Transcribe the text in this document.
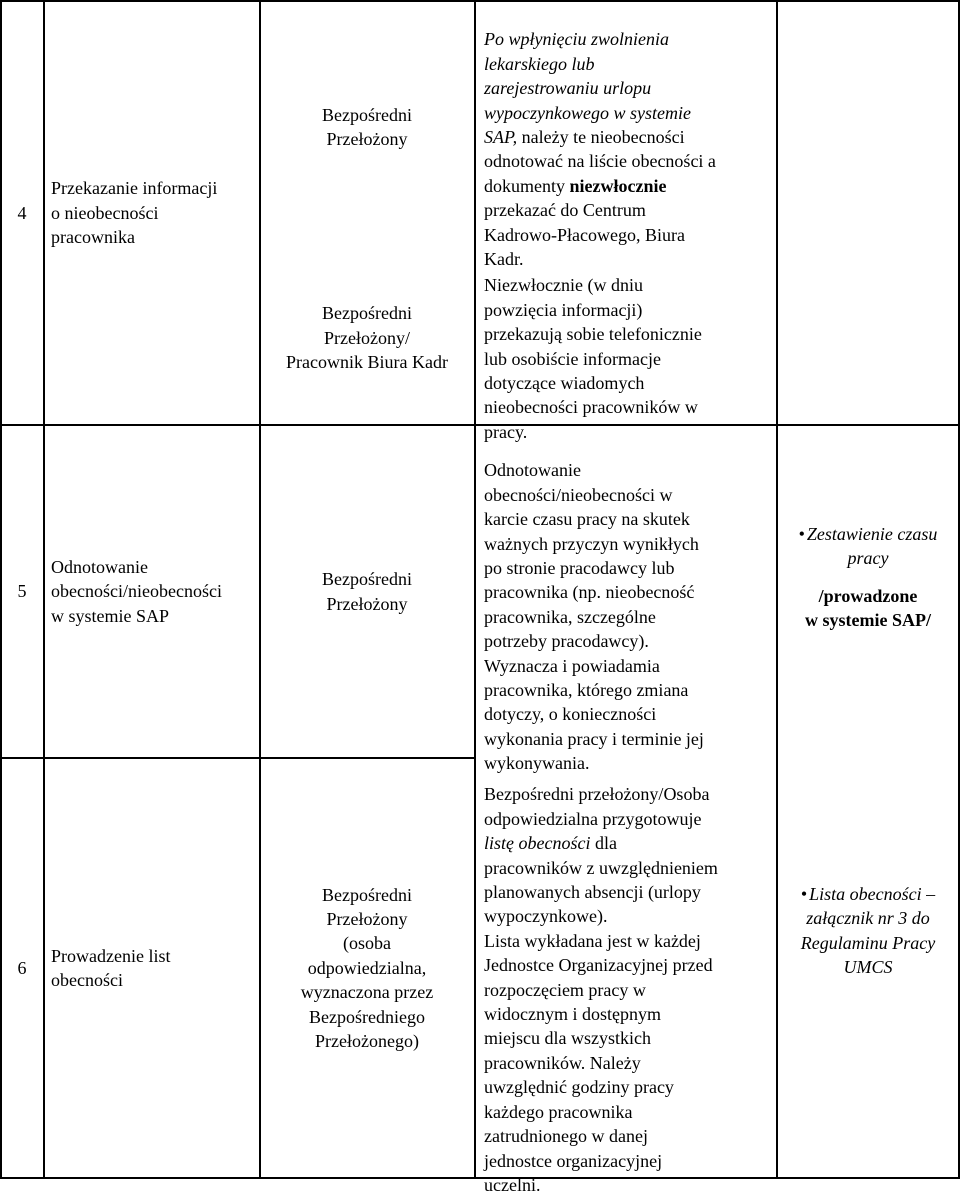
4
Przekazanie informacji
o nieobecności
pracownika
Bezpośredni
Przełożony
Bezpośredni
Przełożony/
Pracownik Biura Kadr

Po wpłynięciu zwolnienia
lekarskiego lub
zarejestrowaniu urlopu
wypoczynkowego w systemie
SAP, należy te nieobecności
odnotować na liście obecności a
dokumenty niezwłocznie
przekazać do Centrum
Kadrowo-Płacowego, Biura
Kadr.

Niezwłocznie (w dniu
powzięcia informacji)
przekazują sobie telefonicznie
lub osobiście informacje
dotyczące wiadomych
nieobecności pracowników w
pracy.

5
Odnotowanie
obecności/nieobecności
w systemie SAP
Bezpośredni
Przełożony

Odnotowanie
obecności/nieobecności w
karcie czasu pracy na skutek
ważnych przyczyn wynikłych
po stronie pracodawcy lub
pracownika (np. nieobecność
pracownika, szczególne
potrzeby pracodawcy).
Wyznacza i powiadamia
pracownika, którego zmiana
dotyczy, o konieczności
wykonania pracy i terminie jej
wykonywania.

• Zestawienie czasu
pracy
/prowadzone
w systemie SAP/
6
Prowadzenie list
obecności
Bezpośredni
Przełożony
(osoba
odpowiedzialna,
wyznaczona przez
Bezpośredniego
Przełożonego)

Bezpośredni przełożony/Osoba
odpowiedzialna przygotowuje
listę obecności dla
pracowników z uwzględnieniem
planowanych absencji (urlopy
wypoczynkowe).
Lista wykładana jest w każdej
Jednostce Organizacyjnej przed
rozpoczęciem pracy w
widocznym i dostępnym
miejscu dla wszystkich
pracowników. Należy
uwzględnić godziny pracy
każdego pracownika
zatrudnionego w danej
jednostce organizacyjnej
uczelni.

• Lista obecności –
załącznik nr 3 do
Regulaminu Pracy
UMCS
